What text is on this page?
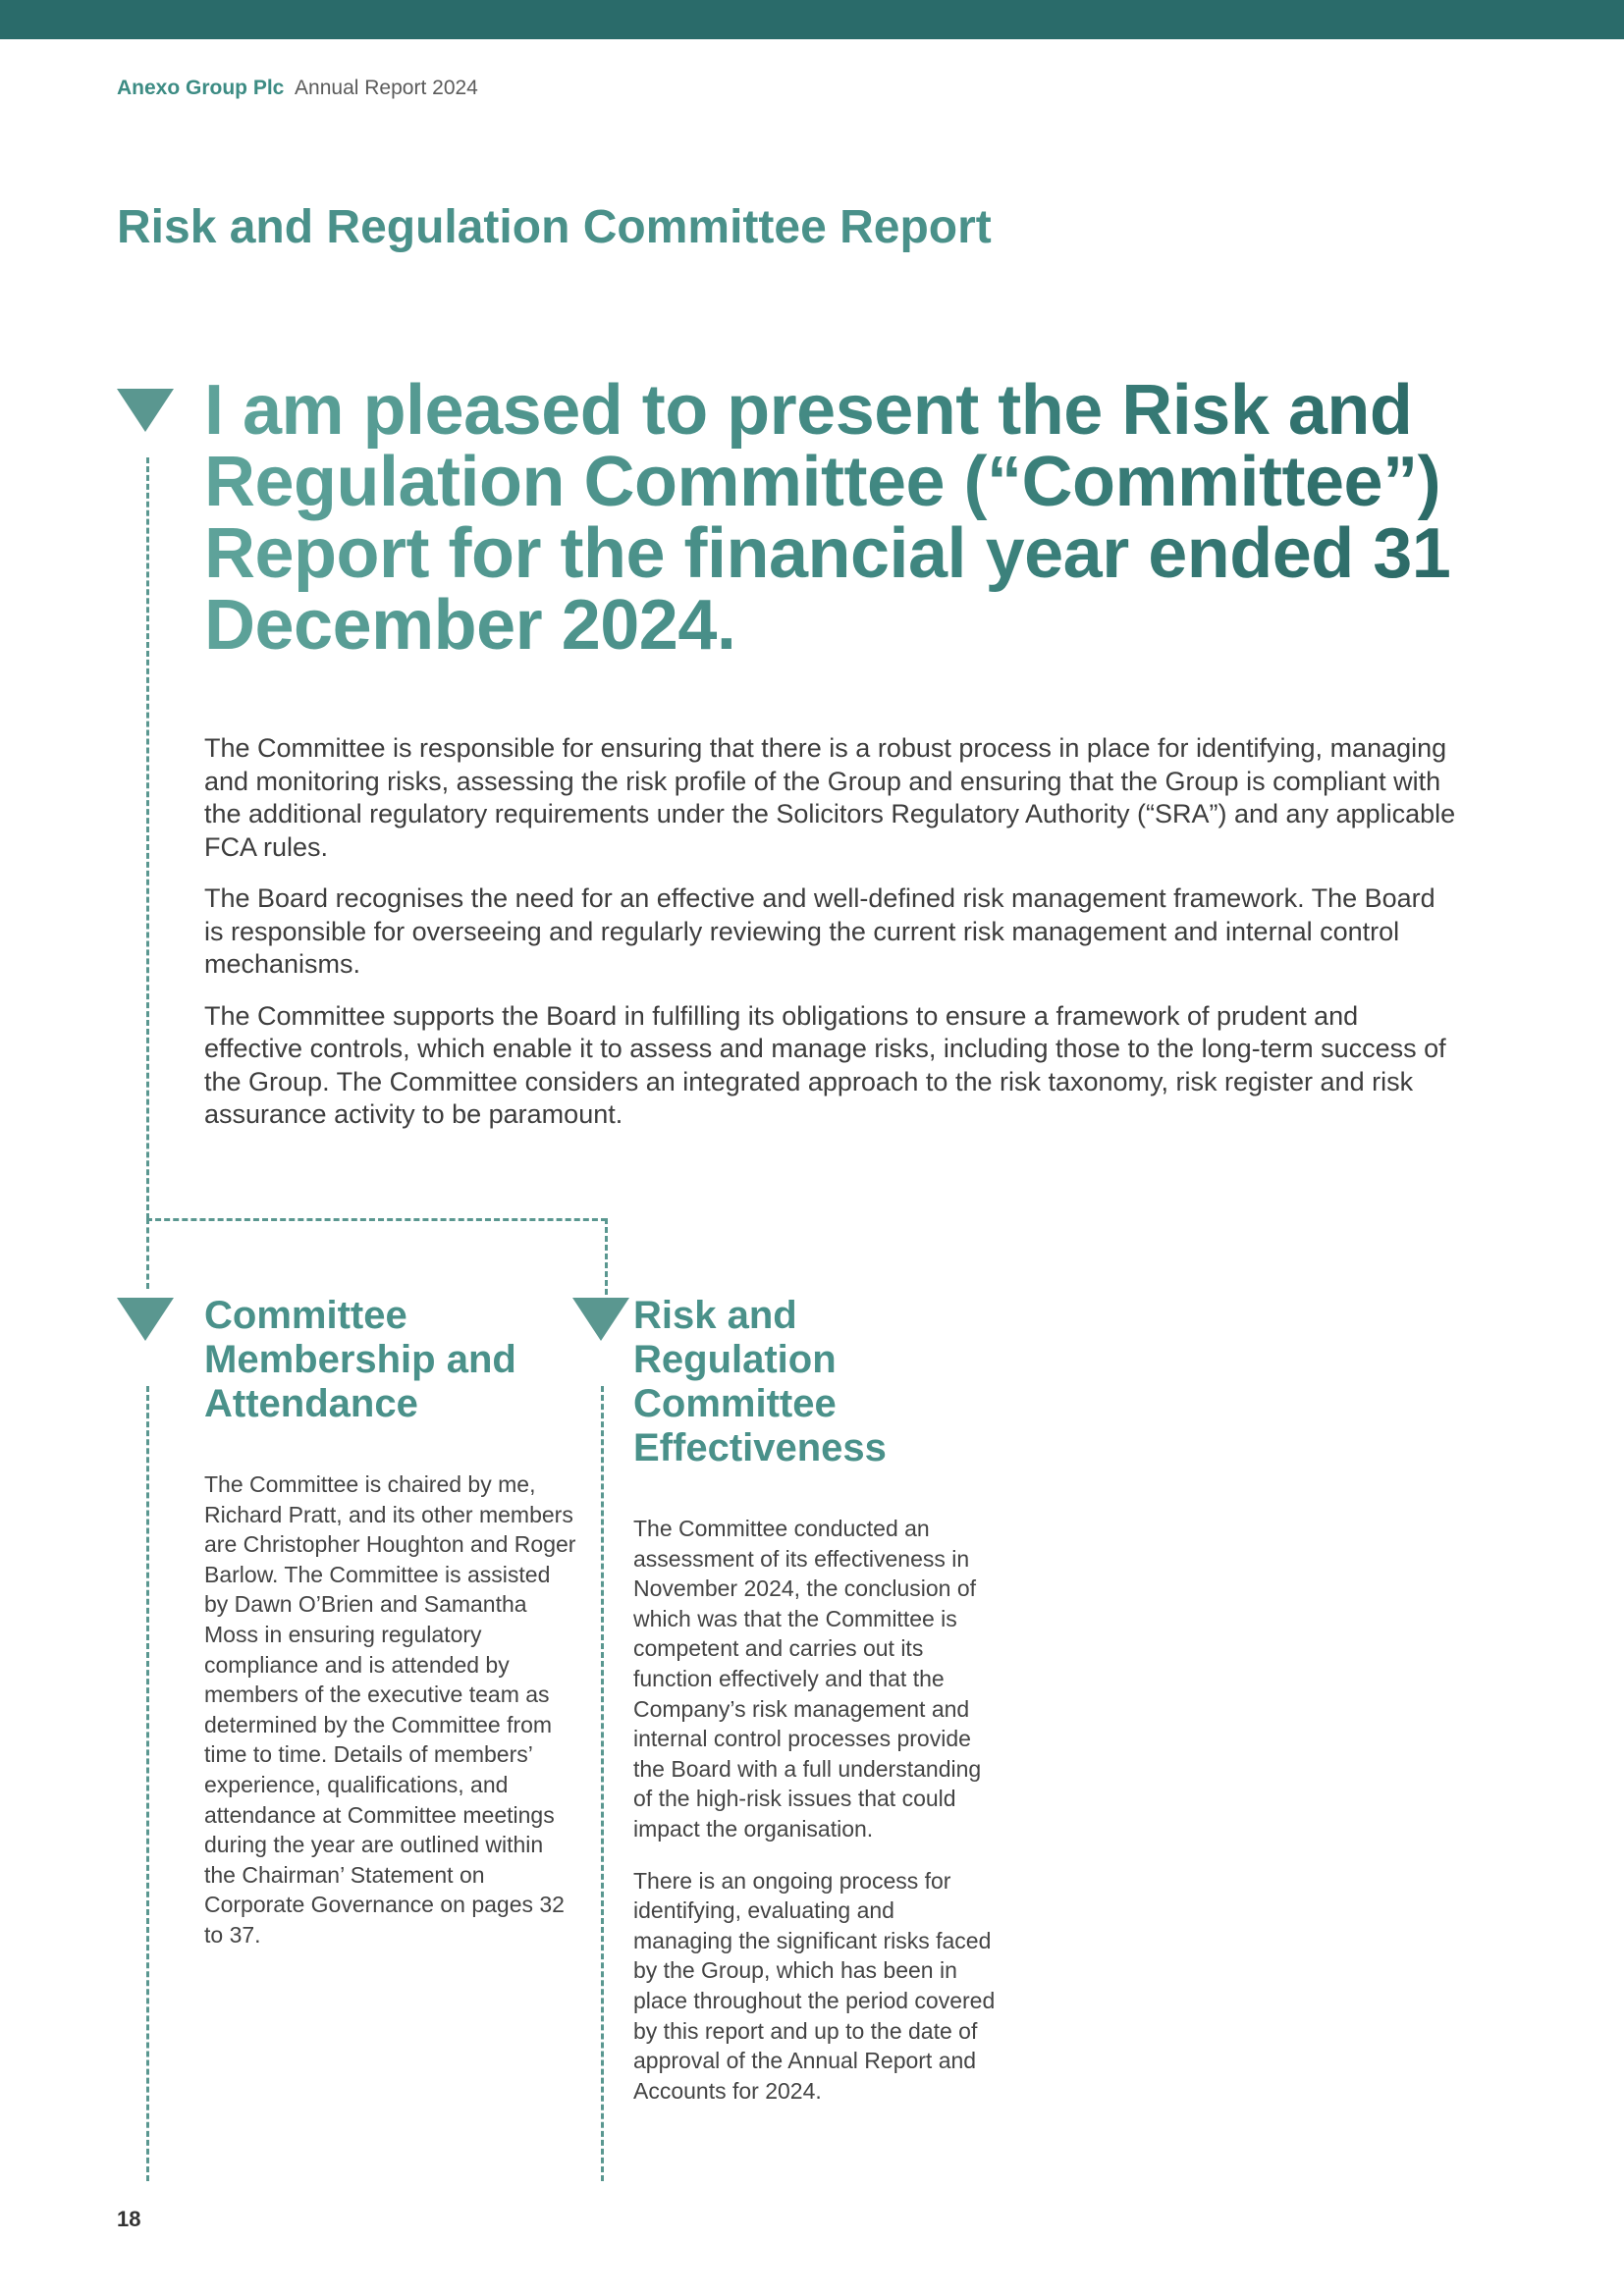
Anexo Group Plc Annual Report 2024
Risk and Regulation Committee Report

I am pleased to present the Risk and Regulation Committee (“Committee”) Report for the financial year ended 31 December 2024.

The Committee is responsible for ensuring that there is a robust process in place for identifying, managing and monitoring risks, assessing the risk profile of the Group and ensuring that the Group is compliant with the additional regulatory requirements under the Solicitors Regulatory Authority (“SRA”) and any applicable FCA rules.

The Board recognises the need for an effective and well-defined risk management framework. The Board is responsible for overseeing and regularly reviewing the current risk management and internal control mechanisms.

The Committee supports the Board in fulfilling its obligations to ensure a framework of prudent and effective controls, which enable it to assess and manage risks, including those to the long-term success of the Group. The Committee considers an integrated approach to the risk taxonomy, risk register and risk assurance activity to be paramount.

Committee Membership and Attendance

The Committee is chaired by me, Richard Pratt, and its other members are Christopher Houghton and Roger Barlow. The Committee is assisted by Dawn O’Brien and Samantha Moss in ensuring regulatory compliance and is attended by members of the executive team as determined by the Committee from time to time. Details of members’ experience, qualifications, and attendance at Committee meetings during the year are outlined within the Chairman’ Statement on Corporate Governance on pages 32 to 37.

Risk and Regulation Committee Effectiveness

The Committee conducted an assessment of its effectiveness in November 2024, the conclusion of which was that the Committee is competent and carries out its function effectively and that the Company’s risk management and internal control processes provide the Board with a full understanding of the high-risk issues that could impact the organisation.

There is an ongoing process for identifying, evaluating and managing the significant risks faced by the Group, which has been in place throughout the period covered by this report and up to the date of approval of the Annual Report and Accounts for 2024.

18
